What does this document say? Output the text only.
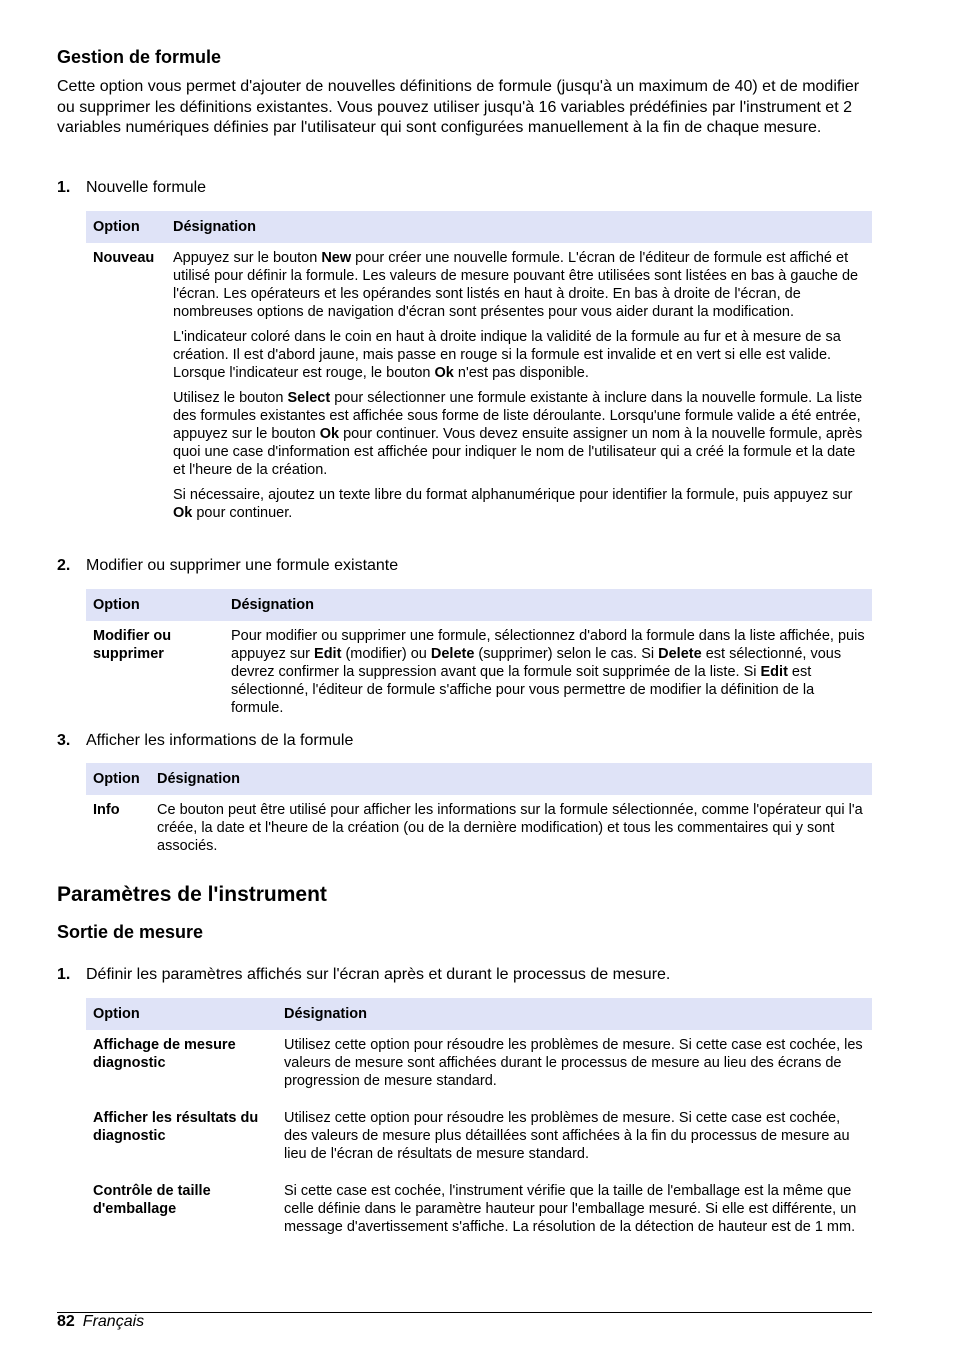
Gestion de formule

Cette option vous permet d'ajouter de nouvelles définitions de formule (jusqu'à un maximum de 40) et de modifier ou supprimer les définitions existantes. Vous pouvez utiliser jusqu'à 16 variables prédéfinies par l'instrument et 2 variables numériques définies par l'utilisateur qui sont configurées manuellement à la fin de chaque mesure.

1. Nouvelle formule
Option	Désignation
Nouveau	Appuyez sur le bouton New pour créer une nouvelle formule. L'écran de l'éditeur de formule est affiché et utilisé pour définir la formule. Les valeurs de mesure pouvant être utilisées sont listées en bas à gauche de l'écran. Les opérateurs et les opérandes sont listés en haut à droite. En bas à droite de l'écran, de nombreuses options de navigation d'écran sont présentes pour vous aider durant la modification.

L'indicateur coloré dans le coin en haut à droite indique la validité de la formule au fur et à mesure de sa création. Il est d'abord jaune, mais passe en rouge si la formule est invalide et en vert si elle est valide. Lorsque l'indicateur est rouge, le bouton Ok n'est pas disponible.

Utilisez le bouton Select pour sélectionner une formule existante à inclure dans la nouvelle formule. La liste des formules existantes est affichée sous forme de liste déroulante. Lorsqu'une formule valide a été entrée, appuyez sur le bouton Ok pour continuer. Vous devez ensuite assigner un nom à la nouvelle formule, après quoi une case d'information est affichée pour indiquer le nom de l'utilisateur qui a créé la formule et la date et l'heure de la création.

Si nécessaire, ajoutez un texte libre du format alphanumérique pour identifier la formule, puis appuyez sur Ok pour continuer.

2. Modifier ou supprimer une formule existante
Option	Désignation
Modifier ou supprimer	Pour modifier ou supprimer une formule, sélectionnez d'abord la formule dans la liste affichée, puis appuyez sur Edit (modifier) ou Delete (supprimer) selon le cas. Si Delete est sélectionné, vous devrez confirmer la suppression avant que la formule soit supprimée de la liste. Si Edit est sélectionné, l'éditeur de formule s'affiche pour vous permettre de modifier la définition de la formule.

3. Afficher les informations de la formule
Option	Désignation
Info	Ce bouton peut être utilisé pour afficher les informations sur la formule sélectionnée, comme l'opérateur qui l'a créée, la date et l'heure de la création (ou de la dernière modification) et tous les commentaires qui y sont associés.

Paramètres de l'instrument
Sortie de mesure
1. Définir les paramètres affichés sur l'écran après et durant le processus de mesure.
Option	Désignation
Affichage de mesure diagnostic	Utilisez cette option pour résoudre les problèmes de mesure. Si cette case est cochée, les valeurs de mesure sont affichées durant le processus de mesure au lieu des écrans de progression de mesure standard.
Afficher les résultats du diagnostic	Utilisez cette option pour résoudre les problèmes de mesure. Si cette case est cochée, des valeurs de mesure plus détaillées sont affichées à la fin du processus de mesure au lieu de l'écran de résultats de mesure standard.
Contrôle de taille d'emballage	Si cette case est cochée, l'instrument vérifie que la taille de l'emballage est la même que celle définie dans le paramètre hauteur pour l'emballage mesuré. Si elle est différente, un message d'avertissement s'affiche. La résolution de la détection de hauteur est de 1 mm.
82 Français
